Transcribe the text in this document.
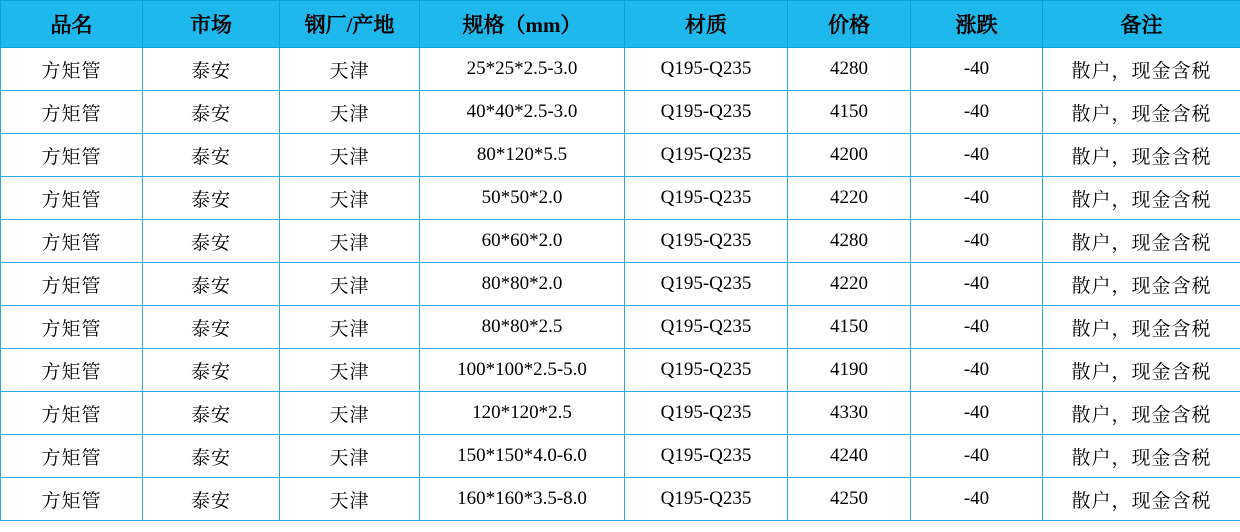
品名	市场	钢厂/产地	规格（mm）	材质	价格	涨跌	备注
方矩管	泰安	天津	25*25*2.5-3.0	Q195-Q235	4280	-40	散户，现金含税
方矩管	泰安	天津	40*40*2.5-3.0	Q195-Q235	4150	-40	散户，现金含税
方矩管	泰安	天津	80*120*5.5	Q195-Q235	4200	-40	散户，现金含税
方矩管	泰安	天津	50*50*2.0	Q195-Q235	4220	-40	散户，现金含税
方矩管	泰安	天津	60*60*2.0	Q195-Q235	4280	-40	散户，现金含税
方矩管	泰安	天津	80*80*2.0	Q195-Q235	4220	-40	散户，现金含税
方矩管	泰安	天津	80*80*2.5	Q195-Q235	4150	-40	散户，现金含税
方矩管	泰安	天津	100*100*2.5-5.0	Q195-Q235	4190	-40	散户，现金含税
方矩管	泰安	天津	120*120*2.5	Q195-Q235	4330	-40	散户，现金含税
方矩管	泰安	天津	150*150*4.0-6.0	Q195-Q235	4240	-40	散户，现金含税
方矩管	泰安	天津	160*160*3.5-8.0	Q195-Q235	4250	-40	散户，现金含税
